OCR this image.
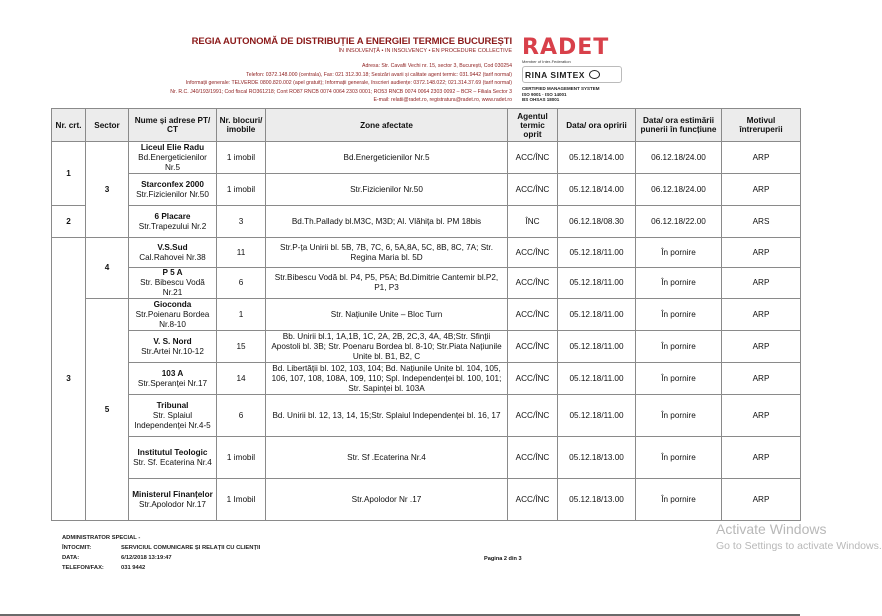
REGIA AUTONOMĂ DE DISTRIBUȚIE A ENERGIEI TERMICE BUCUREȘTI
ÎN INSOLVENȚĂ • IN INSOLVENCY • EN PROCEDURE COLLECTIVE
Adresa: Str. Cavafii Vechi nr. 15, sector 3, București, Cod 030254
Telefon: 0372.148.000 (centrala), Fax: 021 312.30.18; Sesizări avarii și calitate agent termic: 031.9442 (tarif normal)
Informații generale: TELVERDE 0800.820.002 (apel gratuit); Informații generale, înscrieri audiențe: 0372.148.022; 021.314.37.69 (tarif normal)
Nr. R.C. J40/193/1991; Cod fiscal RO361218; Cont RO87 RNCB 0074 0064 2303 0001; RO53 RNCB 0074 0064 2303 0092 – BCR – Filiala Sector 3
E-mail: relatii@radet.ro, registratura@radet.ro, www.radet.ro
RADET
Member of Inter-Federation
RINA SIMTEX
CERTIFIED MANAGEMENT SYSTEM
ISO 9001 · ISO 14001
BS OHSAS 18001
Nr. crt.	Sector	Nume și adrese PT/ CT	Nr. blocuri/ imobile	Zone afectate	Agentul termic oprit	Data/ ora opririi	Data/ ora estimării punerii în funcțiune	Motivul întreruperii
1	3	Liceul Elie Radu
Bd.Energeticienilor Nr.5	1 imobil	Bd.Energeticienilor Nr.5	ACC/ÎNC	05.12.18/14.00	06.12.18/24.00	ARP

		Starconfex 2000
Str.Fizicienilor Nr.50	1 imobil	Str.Fizicienilor Nr.50	ACC/ÎNC	05.12.18/14.00	06.12.18/24.00	ARP
2		6 Placare
Str.Trapezului Nr.2	3	Bd.Th.Pallady bl.M3C, M3D; Al. Vlăhița bl. PM 18bis	ÎNC	06.12.18/08.30	06.12.18/22.00	ARS
3	4	V.S.Sud
Cal.Rahovei Nr.38	11	Str.P-ța Unirii bl. 5B, 7B, 7C, 6, 5A,8A, 5C, 8B, 8C, 7A; Str. Regina Maria bl. 5D	ACC/ÎNC	05.12.18/11.00	În pornire	ARP

		P 5 A
Str. Bibescu Vodă Nr.21	6	Str.Bibescu Vodă bl. P4, P5, P5A; Bd.Dimitrie Cantemir bl.P2, P1, P3	ACC/ÎNC	05.12.18/11.00	În pornire	ARP
	5	Gioconda
Str.Poienaru Bordea Nr.8-10	1	Str. Națiunile Unite – Bloc Turn	ACC/ÎNC	05.12.18/11.00	În pornire	ARP

		V. S. Nord
Str.Artei Nr.10-12	15	Bb. Unirii bl.1, 1A,1B, 1C, 2A, 2B, 2C,3, 4A, 4B;Str. Sfinții Apostoli bl. 3B; Str. Poenaru Bordea bl. 8-10; Str.Piata Națiunile Unite bl. B1, B2, C	ACC/ÎNC	05.12.18/11.00	În pornire	ARP

		103 A
Str.Speranței Nr.17	14	Bd. Libertății bl. 102, 103, 104; Bd. Națiunile Unite bl. 104, 105, 106, 107, 108, 108A, 109, 110; Spl. Independenței bl. 100, 101; Str. Sapinței bl. 103A	ACC/ÎNC	05.12.18/11.00	În pornire	ARP

		Tribunal
Str. Splaiul Independenței Nr.4-5	6	Bd. Unirii bl. 12, 13, 14, 15;Str. Splaiul Independenței bl. 16, 17	ACC/ÎNC	05.12.18/11.00	În pornire	ARP

		Institutul Teologic
Str. Sf. Ecaterina Nr.4	1 imobil	Str. Sf .Ecaterina Nr.4	ACC/ÎNC	05.12.18/13.00	În pornire	ARP

		Ministerul Finanțelor
Str.Apolodor Nr.17	1 Imobil	Str.Apolodor Nr .17	ACC/ÎNC	05.12.18/13.00	În pornire	ARP
ADMINISTRATOR SPECIAL -
ÎNTOCMIT:	SERVICIUL COMUNICARE ȘI RELAȚII CU CLIENȚII
DATA:	6/12/2018 13:19:47
TELEFON/FAX:	031 9442
Pagina 2 din 3
Activate Windows
Go to Settings to activate Windows.
